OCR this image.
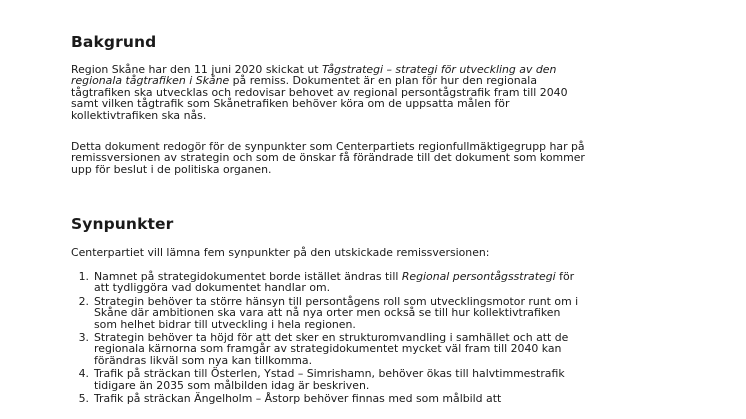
Bakgrund

Region Skåne har den 11 juni 2020 skickat ut Tågstrategi – strategi för utveckling av den regionala tågtrafiken i Skåne på remiss. Dokumentet är en plan för hur den regionala tågtrafiken ska utvecklas och redovisar behovet av regional persontågstrafik fram till 2040 samt vilken tågtrafik som Skånetrafiken behöver köra om de uppsatta målen för kollektivtrafiken ska nås.

Detta dokument redogör för de synpunkter som Centerpartiets regionfullmäktigegrupp har på remissversionen av strategin och som de önskar få förändrade till det dokument som kommer upp för beslut i de politiska organen.

Synpunkter

Centerpartiet vill lämna fem synpunkter på den utskickade remissversionen:

1. Namnet på strategidokumentet borde istället ändras till Regional persontågsstrategi för att tydliggöra vad dokumentet handlar om.
2. Strategin behöver ta större hänsyn till persontågens roll som utvecklingsmotor runt om i Skåne där ambitionen ska vara att nå nya orter men också se till hur kollektivtrafiken som helhet bidrar till utveckling i hela regionen.
3. Strategin behöver ta höjd för att det sker en strukturomvandling i samhället och att de regionala kärnorna som framgår av strategidokumentet mycket väl fram till 2040 kan förändras likväl som nya kan tillkomma.
4. Trafik på sträckan till Österlen, Ystad – Simrishamn, behöver ökas till halvtimmestrafik tidigare än 2035 som målbilden idag är beskriven.
5. Trafik på sträckan Ängelholm – Åstorp behöver finnas med som målbild att
